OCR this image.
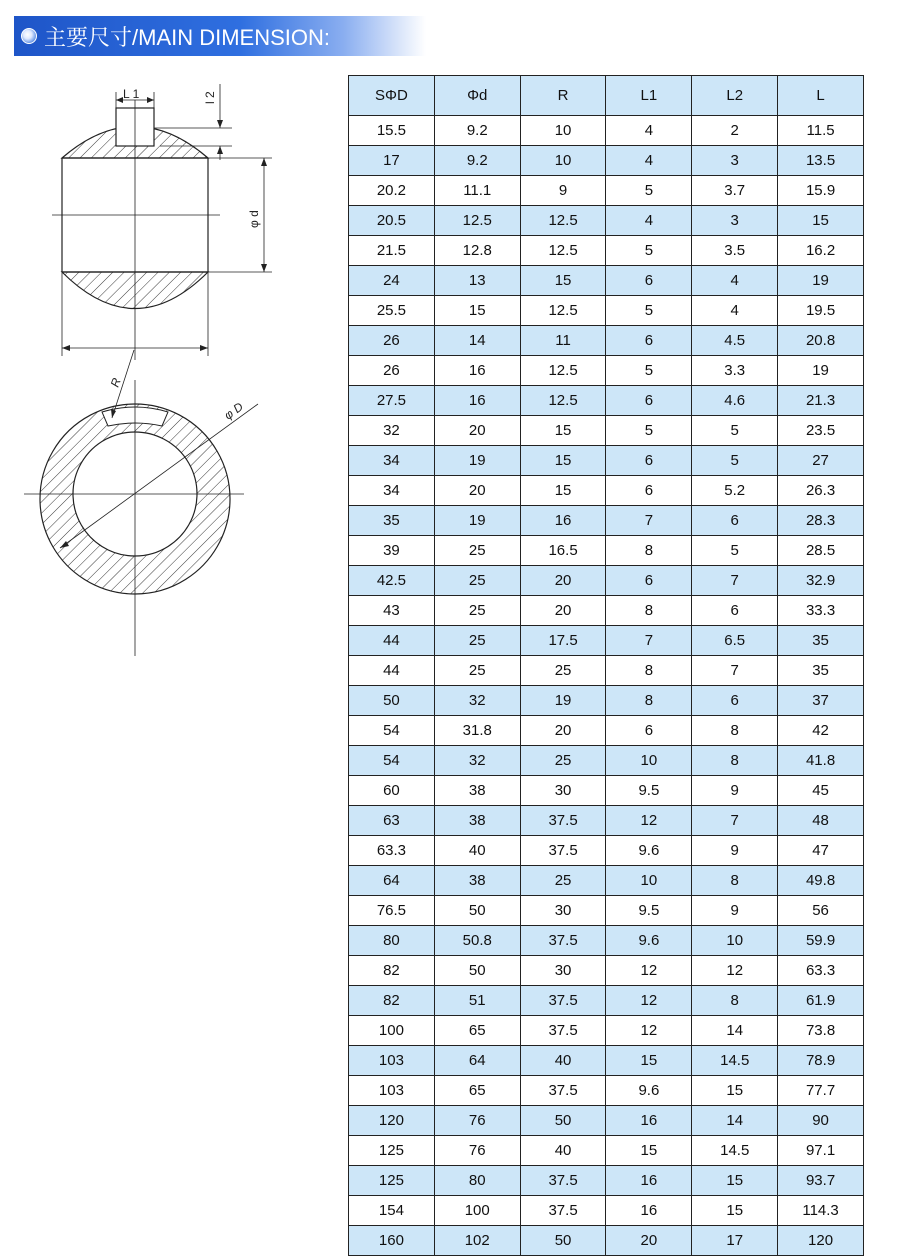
主要尺寸/MAIN DIMENSION:
L 1	l 2
φ d
R
φ D
SΦD	Φd	R	L1	L2	L
15.5	9.2	10	4	2	11.5
17	9.2	10	4	3	13.5
20.2	11.1	9	5	3.7	15.9
20.5	12.5	12.5	4	3	15
21.5	12.8	12.5	5	3.5	16.2
24	13	15	6	4	19
25.5	15	12.5	5	4	19.5
26	14	11	6	4.5	20.8
26	16	12.5	5	3.3	19
27.5	16	12.5	6	4.6	21.3
32	20	15	5	5	23.5
34	19	15	6	5	27
34	20	15	6	5.2	26.3
35	19	16	7	6	28.3
39	25	16.5	8	5	28.5
42.5	25	20	6	7	32.9
43	25	20	8	6	33.3
44	25	17.5	7	6.5	35
44	25	25	8	7	35
50	32	19	8	6	37
54	31.8	20	6	8	42
54	32	25	10	8	41.8
60	38	30	9.5	9	45
63	38	37.5	12	7	48
63.3	40	37.5	9.6	9	47
64	38	25	10	8	49.8
76.5	50	30	9.5	9	56
80	50.8	37.5	9.6	10	59.9
82	50	30	12	12	63.3
82	51	37.5	12	8	61.9
100	65	37.5	12	14	73.8
103	64	40	15	14.5	78.9
103	65	37.5	9.6	15	77.7
120	76	50	16	14	90
125	76	40	15	14.5	97.1
125	80	37.5	16	15	93.7
154	100	37.5	16	15	114.3
160	102	50	20	17	120
